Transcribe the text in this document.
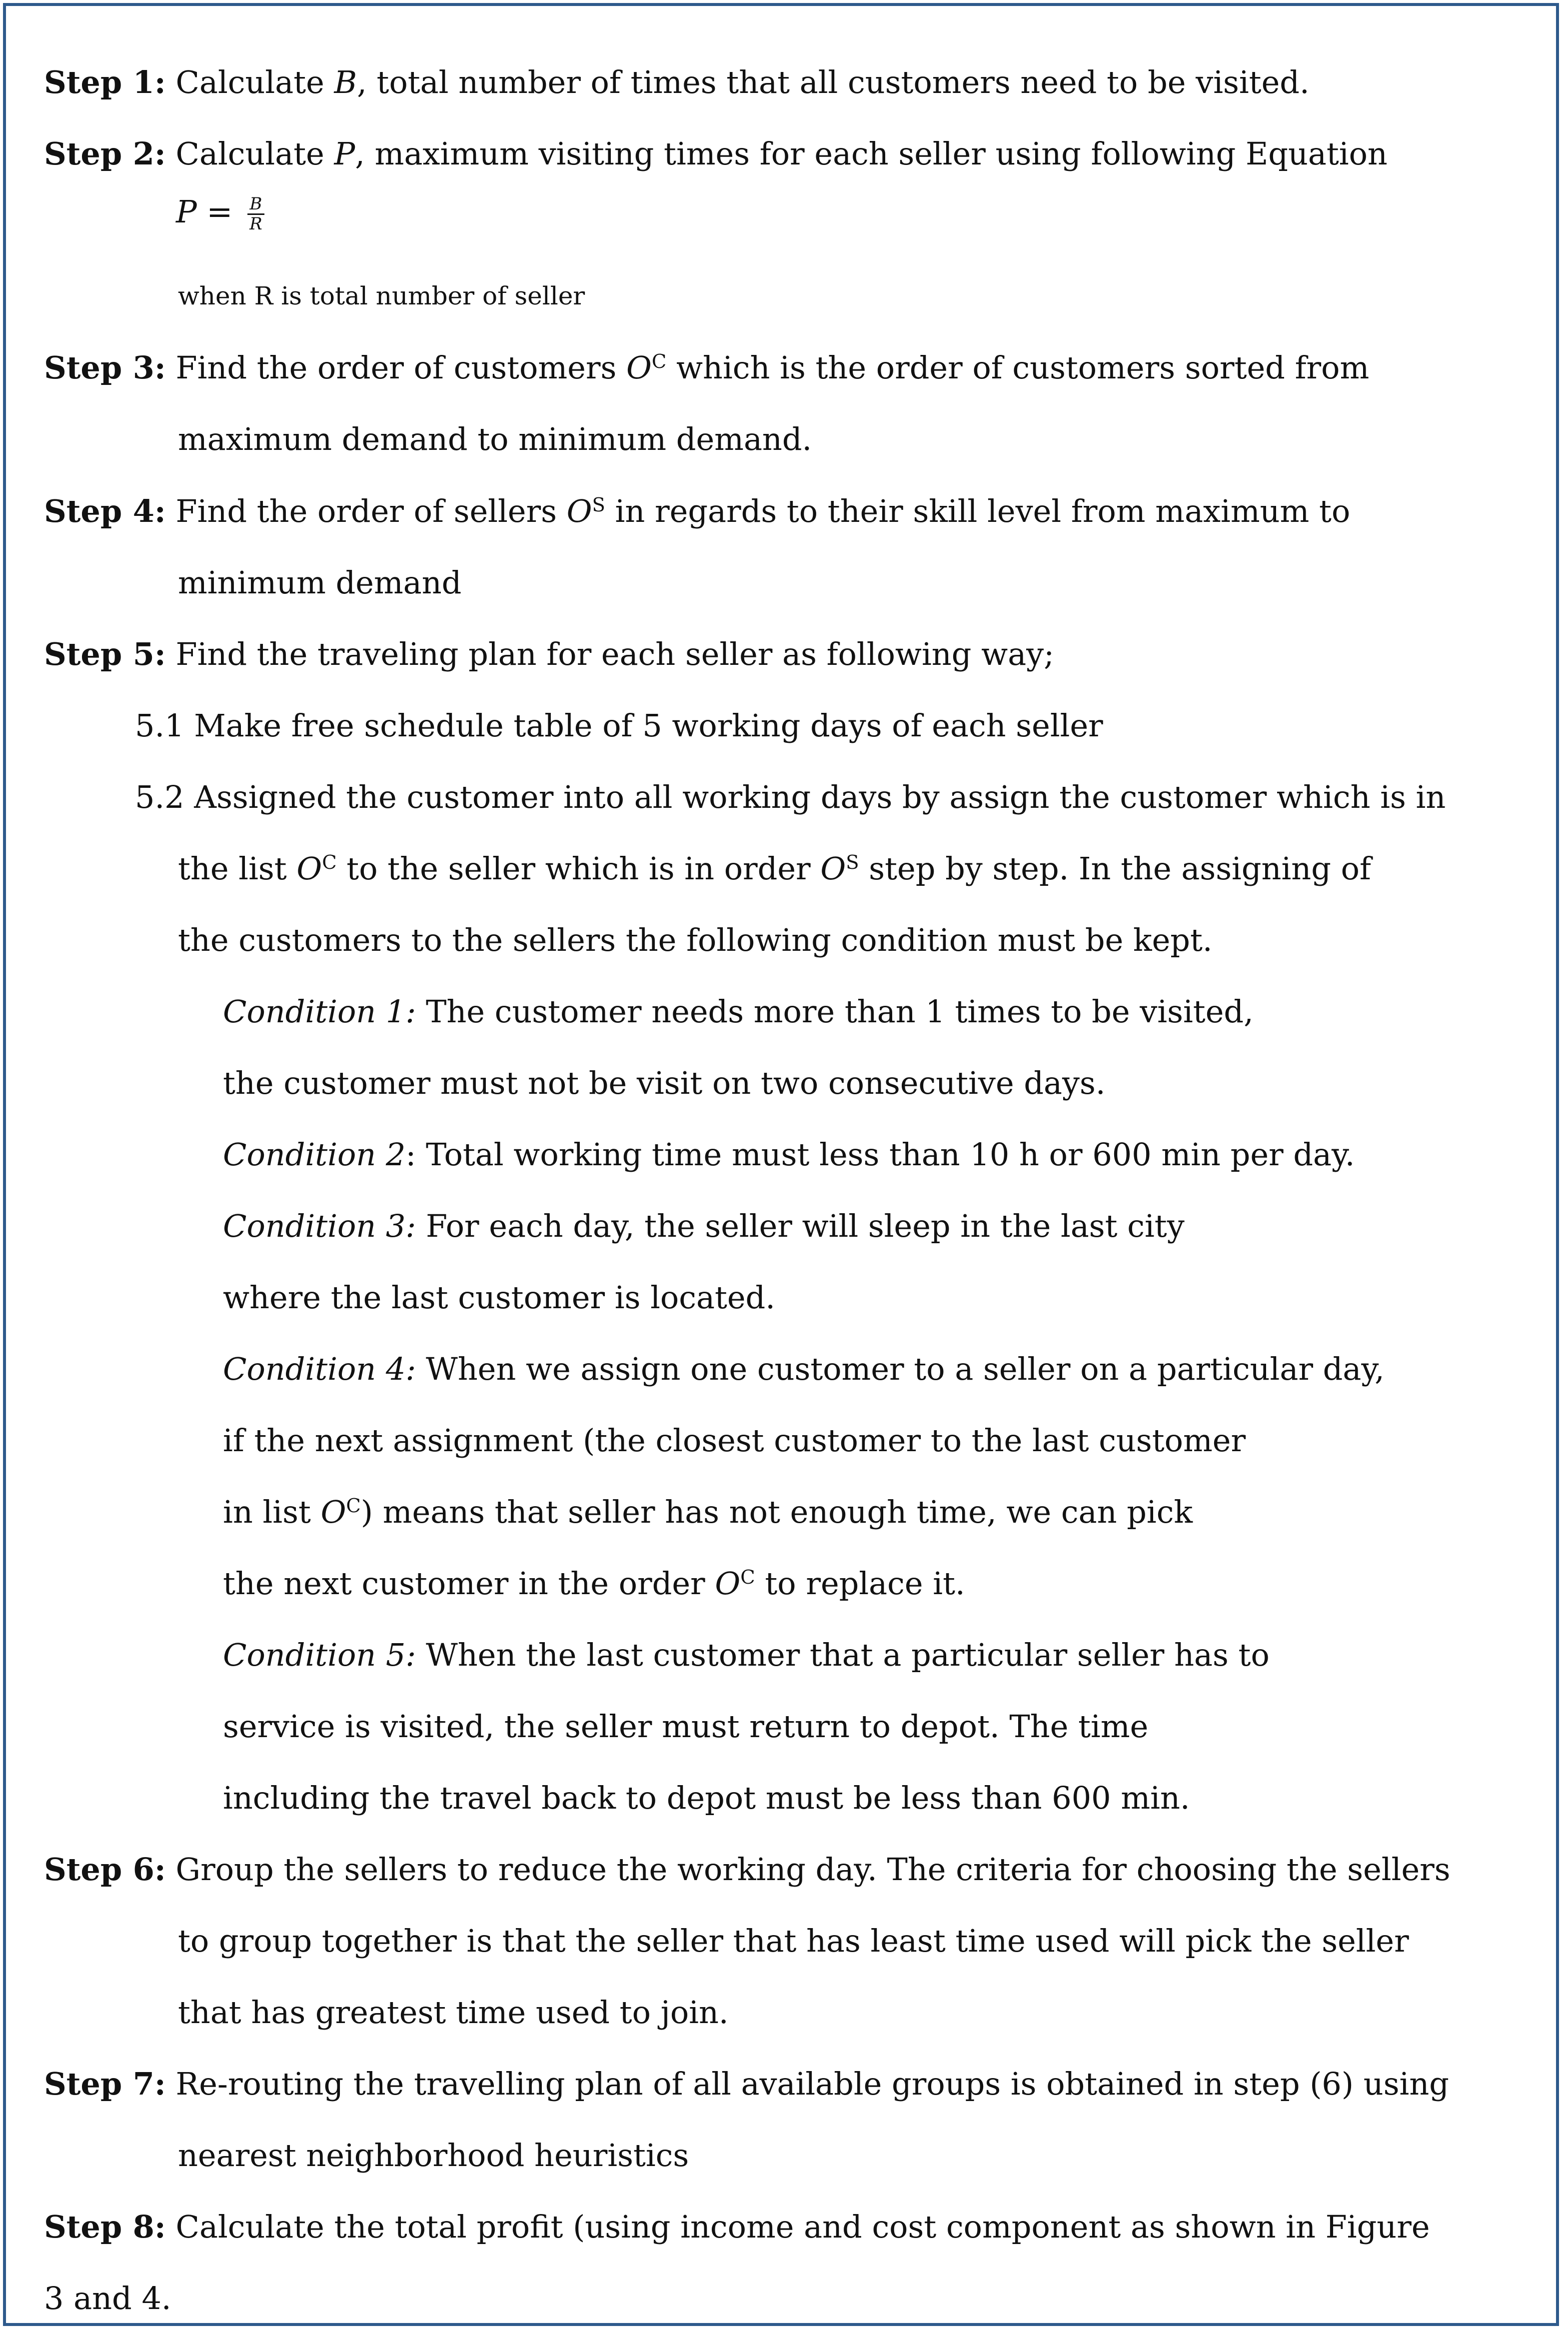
Step 1: Calculate B, total number of times that all customers need to be visited.
Step 2: Calculate P, maximum visiting times for each seller using following Equation
$P = \frac{B}{R}$
when R is total number of seller
Step 3: Find the order of customers $O^C$ which is the order of customers sorted from
maximum demand to minimum demand.
Step 4: Find the order of sellers $O^S$ in regards to their skill level from maximum to
minimum demand
Step 5: Find the traveling plan for each seller as following way;
5.1 Make free schedule table of 5 working days of each seller
5.2 Assigned the customer into all working days by assign the customer which is in
the list $O^C$ to the seller which is in order $O^S$ step by step. In the assigning of
the customers to the sellers the following condition must be kept.
Condition 1: The customer needs more than 1 times to be visited,
the customer must not be visit on two consecutive days.
Condition 2: Total working time must less than 10 h or 600 min per day.
Condition 3: For each day, the seller will sleep in the last city
where the last customer is located.
Condition 4: When we assign one customer to a seller on a particular day,
if the next assignment (the closest customer to the last customer
in list $O^C$) means that seller has not enough time, we can pick
the next customer in the order $O^C$ to replace it.
Condition 5: When the last customer that a particular seller has to
service is visited, the seller must return to depot. The time
including the travel back to depot must be less than 600 min.
Step 6: Group the sellers to reduce the working day. The criteria for choosing the sellers
to group together is that the seller that has least time used will pick the seller
that has greatest time used to join.
Step 7: Re-routing the travelling plan of all available groups is obtained in step (6) using
nearest neighborhood heuristics
Step 8: Calculate the total profit (using income and cost component as shown in Figure
3 and 4.
